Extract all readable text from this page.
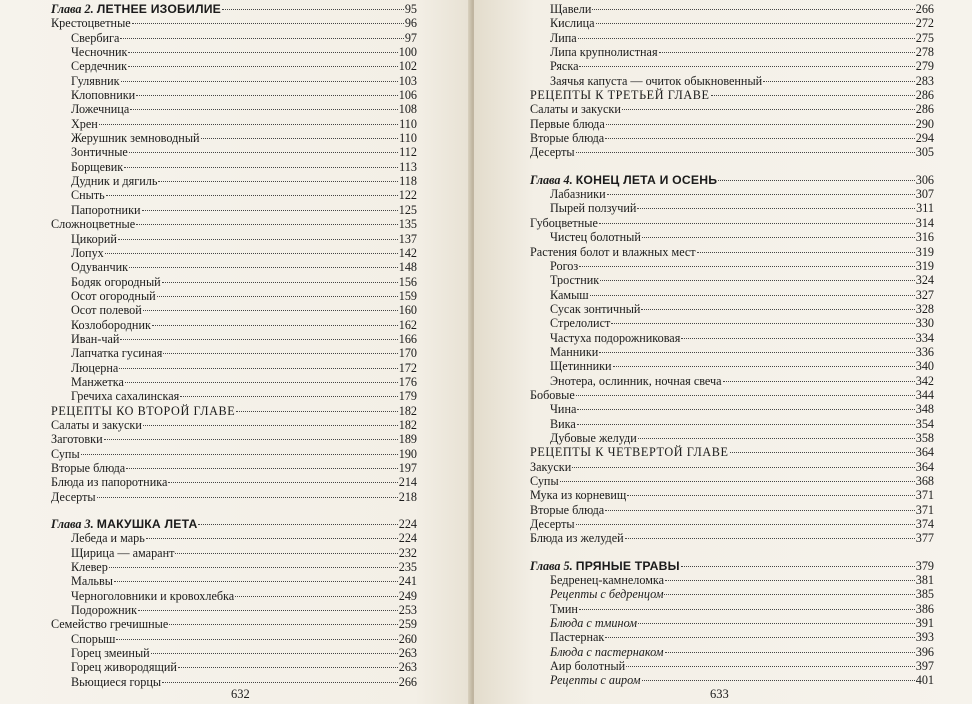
Глава 2. ЛЕТНЕЕ ИЗОБИЛИЕ	95
Крестоцветные	96
Свербига	97
Чесночник	100
Сердечник	102
Гулявник	103
Клоповники	106
Ложечница	108
Хрен	110
Жерушник земноводный	110
Зонтичные	112
Борщевик	113
Дудник и дягиль	118
Сныть	122
Папоротники	125
Сложноцветные	135
Цикорий	137
Лопух	142
Одуванчик	148
Бодяк огородный	156
Осот огородный	159
Осот полевой	160
Козлобородник	162
Иван-чай	166
Лапчатка гусиная	170
Люцерна	172
Манжетка	176
Гречиха сахалинская	179
РЕЦЕПТЫ КО ВТОРОЙ ГЛАВЕ	182
Салаты и закуски	182
Заготовки	189
Супы	190
Вторые блюда	197
Блюда из папоротника	214
Десерты	218
Глава 3. МАКУШКА ЛЕТА	224
Лебеда и марь	224
Щирица — амарант	232
Клевер	235
Мальвы	241
Черноголовники и кровохлебка	249
Подорожник	253
Семейство гречишные	259
Спорыш	260
Горец змеиный	263
Горец живородящий	263
Вьющиеся горцы	266
632
Щавели	266
Кислица	272
Липа	275
Липа крупнолистная	278
Ряска	279
Заячья капуста — очиток обыкновенный	283
РЕЦЕПТЫ К ТРЕТЬЕЙ ГЛАВЕ	286
Салаты и закуски	286
Первые блюда	290
Вторые блюда	294
Десерты	305
Глава 4. КОНЕЦ ЛЕТА И ОСЕНЬ	306
Лабазники	307
Пырей ползучий	311
Губоцветные	314
Чистец болотный	316
Растения болот и влажных мест	319
Рогоз	319
Тростник	324
Камыш	327
Сусак зонтичный	328
Стрелолист	330
Частуха подорожниковая	334
Манники	336
Щетинники	340
Энотера, ослинник, ночная свеча	342
Бобовые	344
Чина	348
Вика	354
Дубовые желуди	358
РЕЦЕПТЫ К ЧЕТВЕРТОЙ ГЛАВЕ	364
Закуски	364
Супы	368
Мука из корневищ	371
Вторые блюда	371
Десерты	374
Блюда из желудей	377
Глава 5. ПРЯНЫЕ ТРАВЫ	379
Бедренец-камнеломка	381
Рецепты с бедренцом	385
Тмин	386
Блюда с тмином	391
Пастернак	393
Блюда с пастернаком	396
Аир болотный	397
Рецепты с аиром	401
633
